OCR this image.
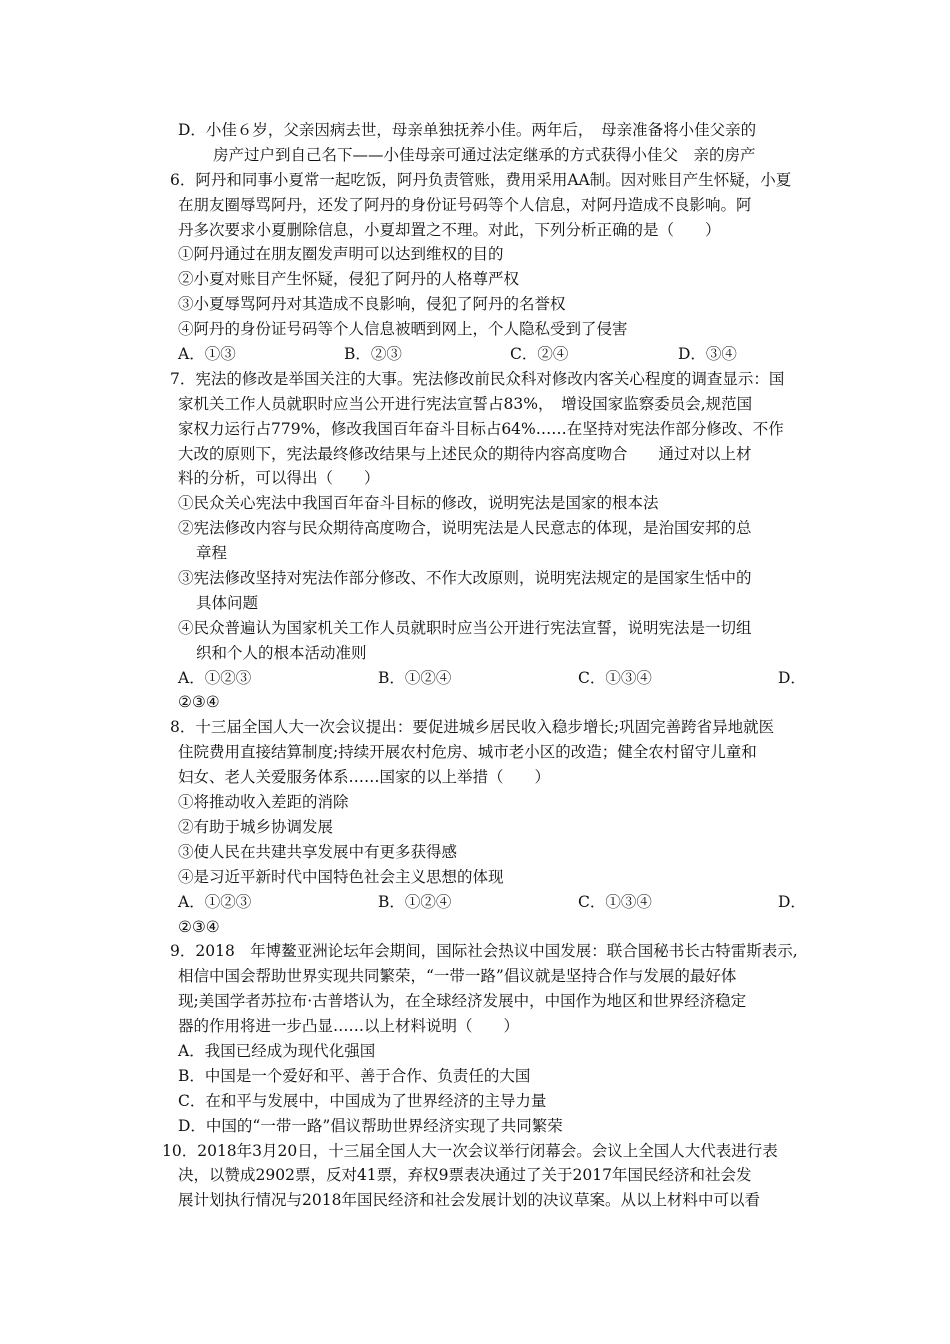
D．小佳６岁，父亲因病去世，母亲单独抚养小佳。两年后，　母亲准备将小佳父亲的
房产过户到自己名下——小佳母亲可通过法定继承的方式获得小佳父　亲的房产
6．阿丹和同事小夏常一起吃饭，阿丹负责管账，费用采用AA制。因对账目产生怀疑，小夏
在朋友圈辱骂阿丹，还发了阿丹的身份证号码等个人信息，对阿丹造成不良影响。阿
丹多次要求小夏删除信息，小夏却置之不理。对此，下列分析正确的是（　　）
①阿丹通过在朋友圈发声明可以达到维权的目的
②小夏对账目产生怀疑，侵犯了阿丹的人格尊严权
③小夏辱骂阿丹对其造成不良影响，侵犯了阿丹的名誉权
④阿丹的身份证号码等个人信息被晒到网上，个人隐私受到了侵害
A．①③	B．②③	C．②④	D．③④
7．宪法的修改是举国关注的大事。宪法修改前民众科对修改内客关心程度的调查显示：国
家机关工作人员就职时应当公开进行宪法宣誓占83%，　增设国家监察委员会,规范国
家权力运行占779%，修改我国百年奋斗目标占64%……在坚持对宪法作部分修改、不作
大改的原则下，宪法最终修改结果与上述民众的期待内容高度吻合　　通过对以上材
料的分析，可以得出（　　）
①民众关心宪法中我国百年奋斗目标的修改，说明宪法是国家的根本法
②宪法修改内容与民众期待高度吻合，说明宪法是人民意志的体现，是治国安邦的总
章程
③宪法修改坚持对宪法作部分修改、不作大改原则，说明宪法规定的是国家生恬中的
具体问题
④民众普遍认为国家机关工作人员就职时应当公开进行宪法宣誓，说明宪法是一切组
织和个人的根本活动准则
A．①②③	B．①②④	C．①③④	D．
②③④
8．十三届全国人大一次会议提出：要促进城乡居民收入稳步增长;巩固完善跨省异地就医
住院费用直接结算制度;持续开展农村危房、城市老小区的改造；健全农村留守儿童和
妇女、老人关爱服务体系……国家的以上举措（　　）
①将推动收入差距的消除
②有助于城乡协调发展
③使人民在共建共享发展中有更多获得感
④是习近平新时代中国特色社会主义思想的体现
A．①②③	B．①②④	C．①③④	D．
②③④
9．2018　年博鳌亚洲论坛年会期间，国际社会热议中国发展：联合国秘书长古特雷斯表示,
相信中国会帮助世界实现共同繁荣，“一带一路”倡议就是坚持合作与发展的最好体
现;美国学者苏拉布·古普塔认为，在全球经济发展中，中国作为地区和世界经济稳定
器的作用将进一步凸显……以上材料说明（　　）
A．我国已经成为现代化强国
B．中国是一个爱好和平、善于合作、负责任的大国
C．在和平与发展中，中国成为了世界经济的主导力量
D．中国的“一带一路”倡议帮助世界经济实现了共同繁荣
10．2018年3月20日，十三届全国人大一次会议举行闭幕会。会议上全国人大代表进行表
决，以赞成2902票，反对41票，弃权9票表决通过了关于2017年国民经济和社会发
展计划执行情况与2018年国民经济和社会发展计划的决议草案。从以上材料中可以看
